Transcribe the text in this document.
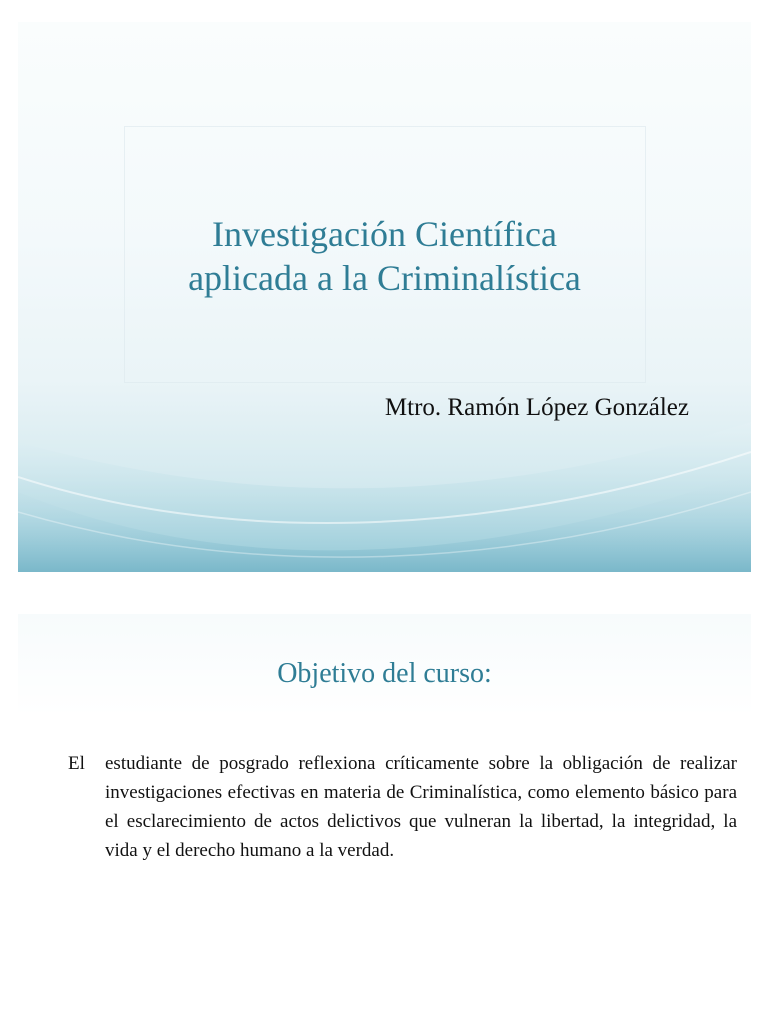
Investigación Científica
aplicada a la Criminalística

Mtro. Ramón López González

Objetivo del curso:

El estudiante de posgrado reflexiona críticamente sobre la obligación de realizar investigaciones efectivas en materia de Criminalística, como elemento básico para el esclarecimiento de actos delictivos que vulneran la libertad, la integridad, la vida y el derecho humano a la verdad.
